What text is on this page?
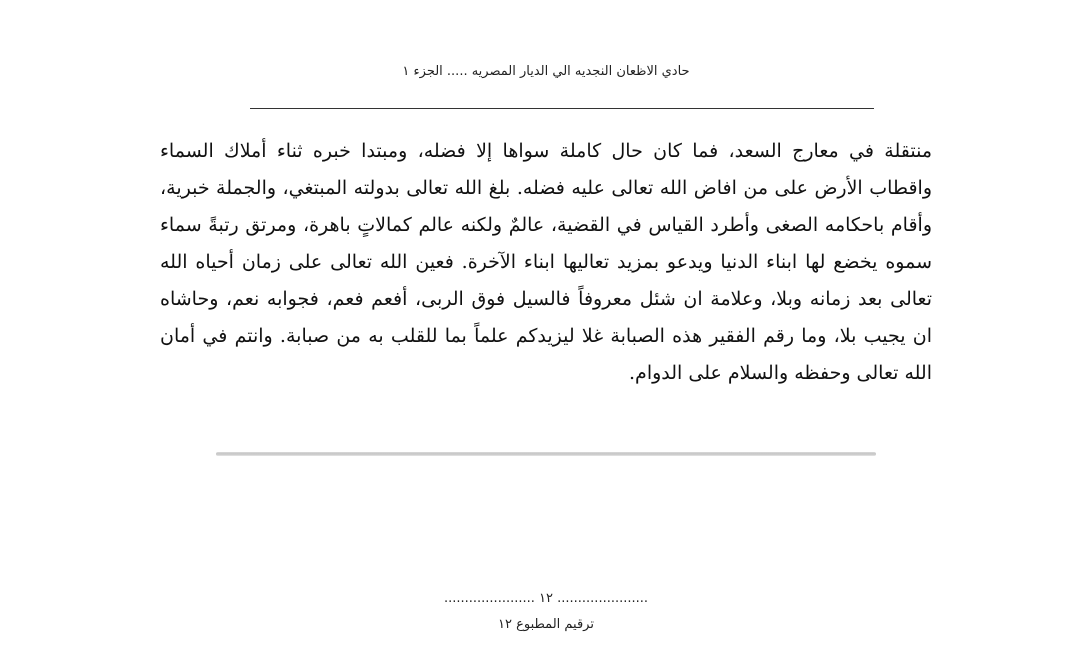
حادي الاظعان النجديه الي الديار المصريه ..... الجزء ١

منتقلة في معارج السعد، فما كان حال كاملة سواها إلا فضله، ومبتدا خبره ثناء أملاك السماء واقطاب الأرض على من افاض الله تعالى عليه فضله. بلغ الله تعالى بدولته المبتغي، والجملة خبرية، وأقام باحكامه الصغى وأطرد القياس في القضية، عالمٌ ولكنه عالم كمالاتٍ باهرة، ومرتق رتبةً سماء سموه يخضع لها ابناء الدنيا ويدعو بمزيد تعاليها ابناء الآخرة. فعين الله تعالى على زمان أحياه الله تعالى بعد زمانه وبلا، وعلامة ان شئل معروفاً فالسيل فوق الربى، أفعم فعم، فجوابه نعم، وحاشاه ان يجيب بلا، وما رقم الفقير هذه الصبابة غلا ليزيدكم علماً بما للقلب به من صبابة. وانتم في أمان الله تعالى وحفظه والسلام على الدوام.

...................... ١٢ ......................
ترقيم المطبوع ١٢
